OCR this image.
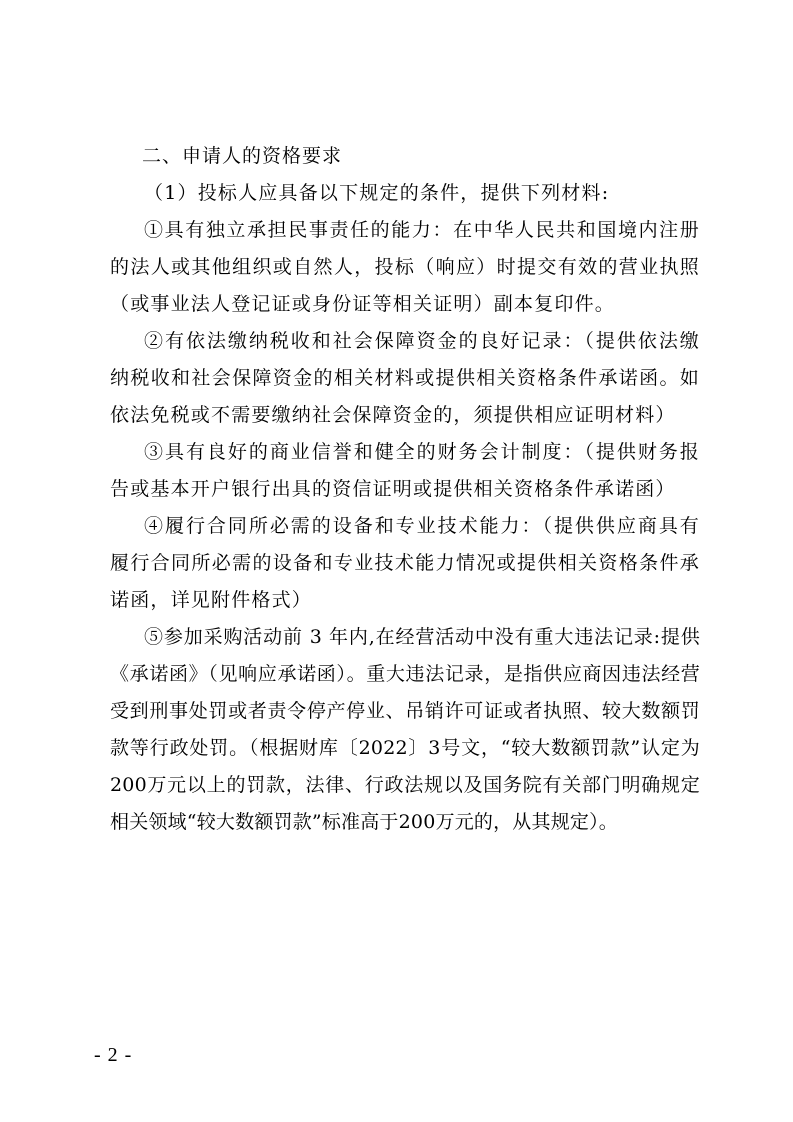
二、申请人的资格要求

（1）投标人应具备以下规定的条件，提供下列材料:

①具有独立承担民事责任的能力：在中华人民共和国境内注册的法人或其他组织或自然人，投标（响应）时提交有效的营业执照（或事业法人登记证或身份证等相关证明）副本复印件。

②有依法缴纳税收和社会保障资金的良好记录：（提供依法缴纳税收和社会保障资金的相关材料或提供相关资格条件承诺函。如依法免税或不需要缴纳社会保障资金的，须提供相应证明材料）

③具有良好的商业信誉和健全的财务会计制度：（提供财务报告或基本开户银行出具的资信证明或提供相关资格条件承诺函）

④履行合同所必需的设备和专业技术能力：（提供供应商具有履行合同所必需的设备和专业技术能力情况或提供相关资格条件承诺函，详见附件格式）

⑤参加采购活动前 3 年内,在经营活动中没有重大违法记录:提供《承诺函》（见响应承诺函）。重大违法记录，是指供应商因违法经营受到刑事处罚或者责令停产停业、吊销许可证或者执照、较大数额罚款等行政处罚。（根据财库〔2022〕3号文，“较大数额罚款”认定为200万元以上的罚款，法律、行政法规以及国务院有关部门明确规定相关领域“较大数额罚款”标准高于200万元的，从其规定）。

- 2 -
